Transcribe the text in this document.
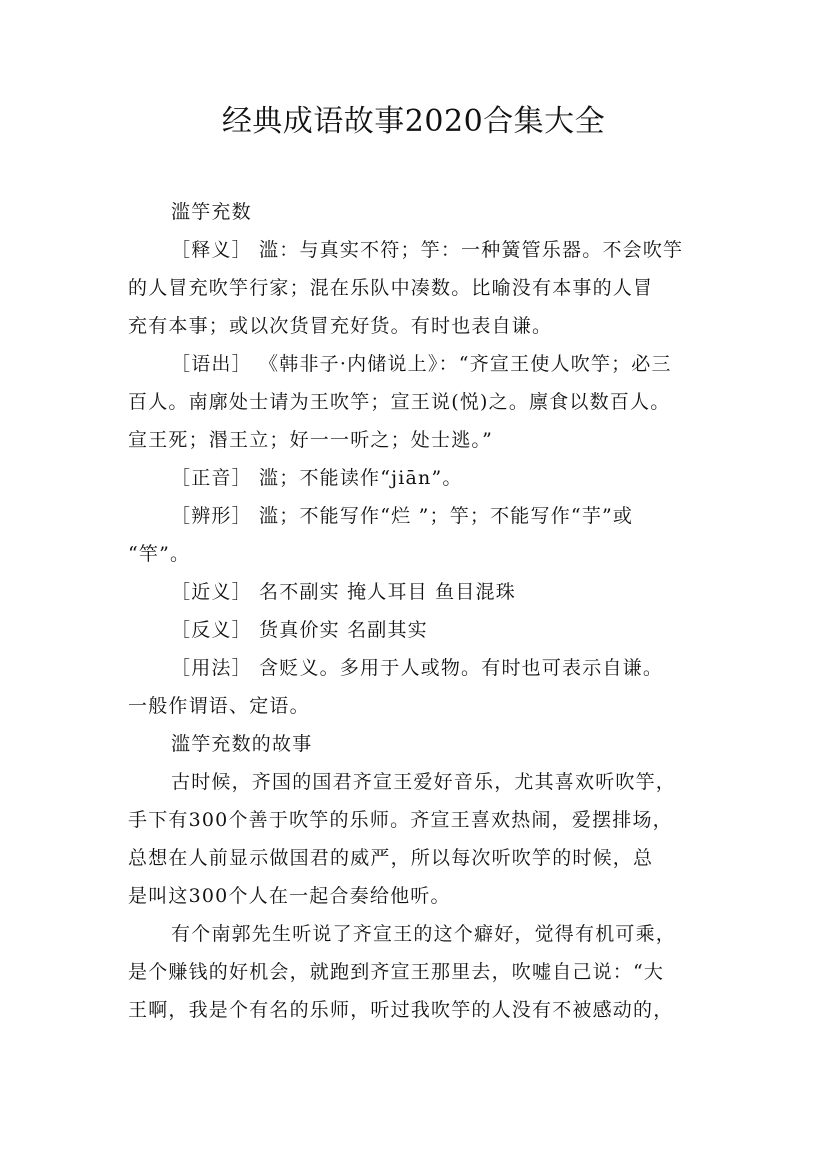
经典成语故事2020合集大全
滥竽充数
［释义］ 滥：与真实不符；竽：一种簧管乐器。不会吹竽
的人冒充吹竽行家；混在乐队中凑数。比喻没有本事的人冒
充有本事；或以次货冒充好货。有时也表自谦。
［语出］ 《韩非子·内储说上》：“齐宣王使人吹竽；必三
百人。南廓处士请为王吹竽；宣王说(悦)之。廪食以数百人。
宣王死；湣王立；好一一听之；处士逃。”
［正音］ 滥；不能读作“jiān”。
［辨形］ 滥；不能写作“烂 ”；竽；不能写作“芋”或
“竿”。
［近义］ 名不副实 掩人耳目 鱼目混珠
［反义］ 货真价实 名副其实
［用法］ 含贬义。多用于人或物。有时也可表示自谦。
一般作谓语、定语。
滥竽充数的故事
古时候，齐国的国君齐宣王爱好音乐，尤其喜欢听吹竽，
手下有300个善于吹竽的乐师。齐宣王喜欢热闹，爱摆排场，
总想在人前显示做国君的威严，所以每次听吹竽的时候，总
是叫这300个人在一起合奏给他听。
有个南郭先生听说了齐宣王的这个癖好，觉得有机可乘，
是个赚钱的好机会，就跑到齐宣王那里去，吹嘘自己说：“大
王啊，我是个有名的乐师，听过我吹竽的人没有不被感动的，
